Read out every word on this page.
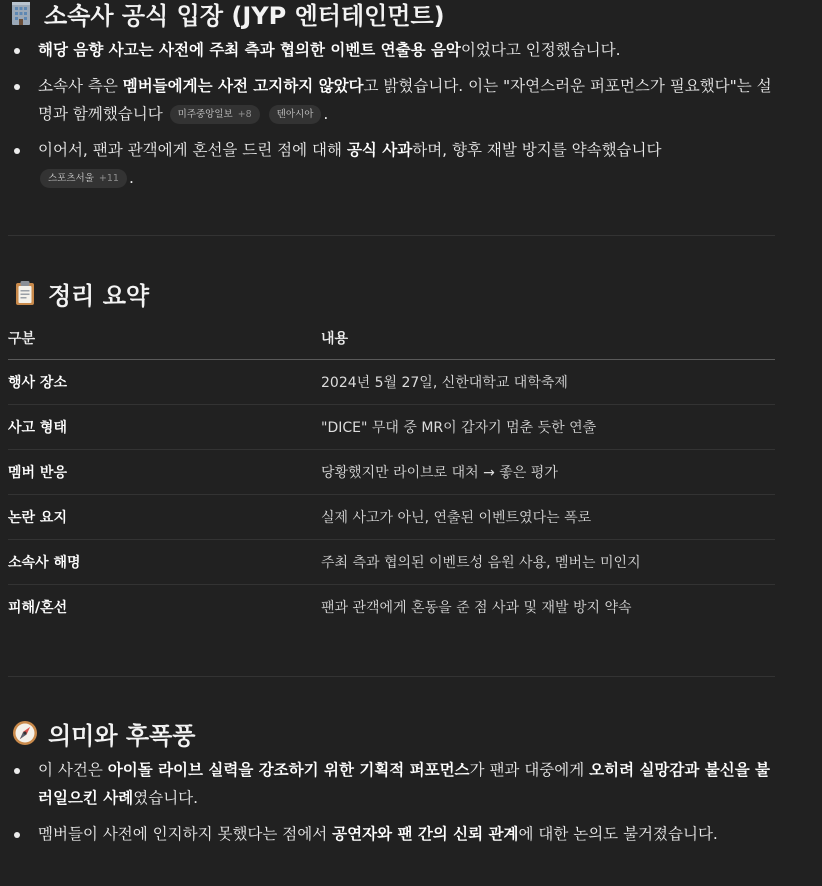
소속사 공식 입장 (JYP 엔터테인먼트)
해당 음향 사고는 사전에 주최 측과 협의한 이벤트 연출용 음악이었다고 인정했습니다.
소속사 측은 멤버들에게는 사전 고지하지 않았다고 밝혔습니다. 이는 "자연스러운 퍼포먼스가 필요했다"는 설명과 함께했습니다 미주중앙일보 +8
	텐아시아 .
이어서, 팬과 관객에게 혼선을 드린 점에 대해 공식 사과하며, 향후 재발 방지를 약속했습니다

스포츠서울 +11 .
정리 요약
구분	내용
행사 장소	2024년 5월 27일, 신한대학교 대학축제
사고 형태	"DICE" 무대 중 MR이 갑자기 멈춘 듯한 연출
멤버 반응	당황했지만 라이브로 대처 → 좋은 평가
논란 요지	실제 사고가 아닌, 연출된 이벤트였다는 폭로
소속사 해명	주최 측과 협의된 이벤트성 음원 사용, 멤버는 미인지
피해/혼선	팬과 관객에게 혼동을 준 점 사과 및 재발 방지 약속
의미와 후폭풍
이 사건은 아이돌 라이브 실력을 강조하기 위한 기획적 퍼포먼스가 팬과 대중에게 오히려 실망감과 불신을 불러일으킨 사례였습니다.
멤버들이 사전에 인지하지 못했다는 점에서 공연자와 팬 간의 신뢰 관계에 대한 논의도 불거졌습니다.
